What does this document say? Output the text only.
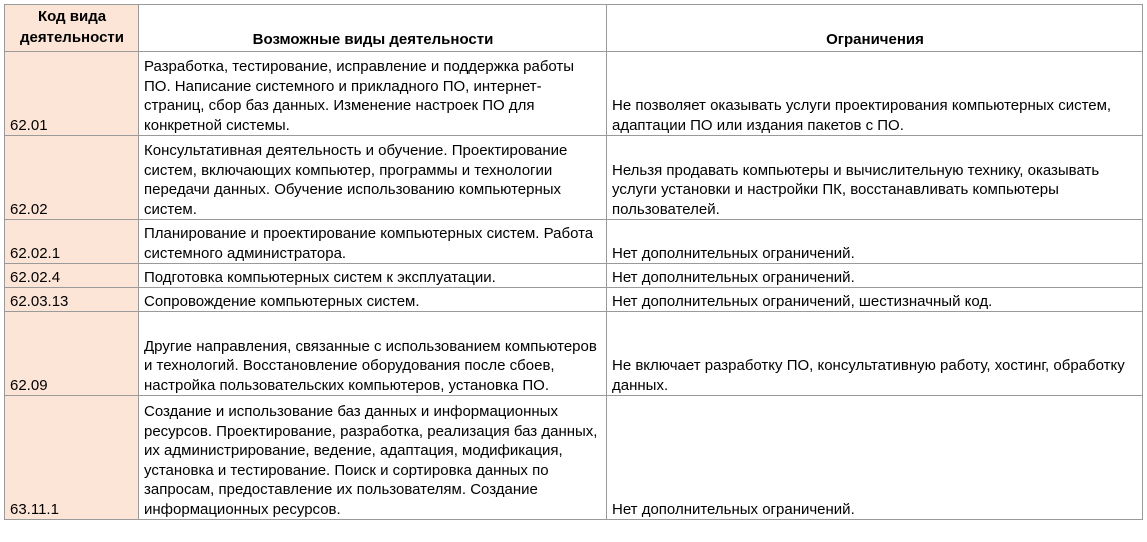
Код вида деятельности	Возможные виды деятельности	Ограничения
62.01	Разработка, тестирование, исправление и поддержка работы ПО. Написание системного и прикладного ПО, интернет-страниц, сбор баз данных. Изменение настроек ПО для конкретной системы.	Не позволяет оказывать услуги проектирования компьютерных систем, адаптации ПО или издания пакетов с ПО.
62.02	Консультативная деятельность и обучение. Проектирование систем, включающих компьютер, программы и технологии передачи данных. Обучение использованию компьютерных систем.	Нельзя продавать компьютеры и вычислительную технику, оказывать услуги установки и настройки ПК, восстанавливать компьютеры пользователей.
62.02.1	Планирование и проектирование компьютерных систем. Работа системного администратора.	Нет дополнительных ограничений.
62.02.4	Подготовка компьютерных систем к эксплуатации.	Нет дополнительных ограничений.
62.03.13	Сопровождение компьютерных систем.	Нет дополнительных ограничений, шестизначный код.
62.09	Другие направления, связанные с использованием компьютеров и технологий. Восстановление оборудования после сбоев, настройка пользовательских компьютеров, установка ПО.	Не включает разработку ПО, консультативную работу, хостинг, обработку данных.
63.11.1	Создание и использование баз данных и информационных ресурсов. Проектирование, разработка, реализация баз данных, их администрирование, ведение, адаптация, модификация, установка и тестирование. Поиск и сортировка данных по запросам, предоставление их пользователям. Создание информационных ресурсов.	Нет дополнительных ограничений.
